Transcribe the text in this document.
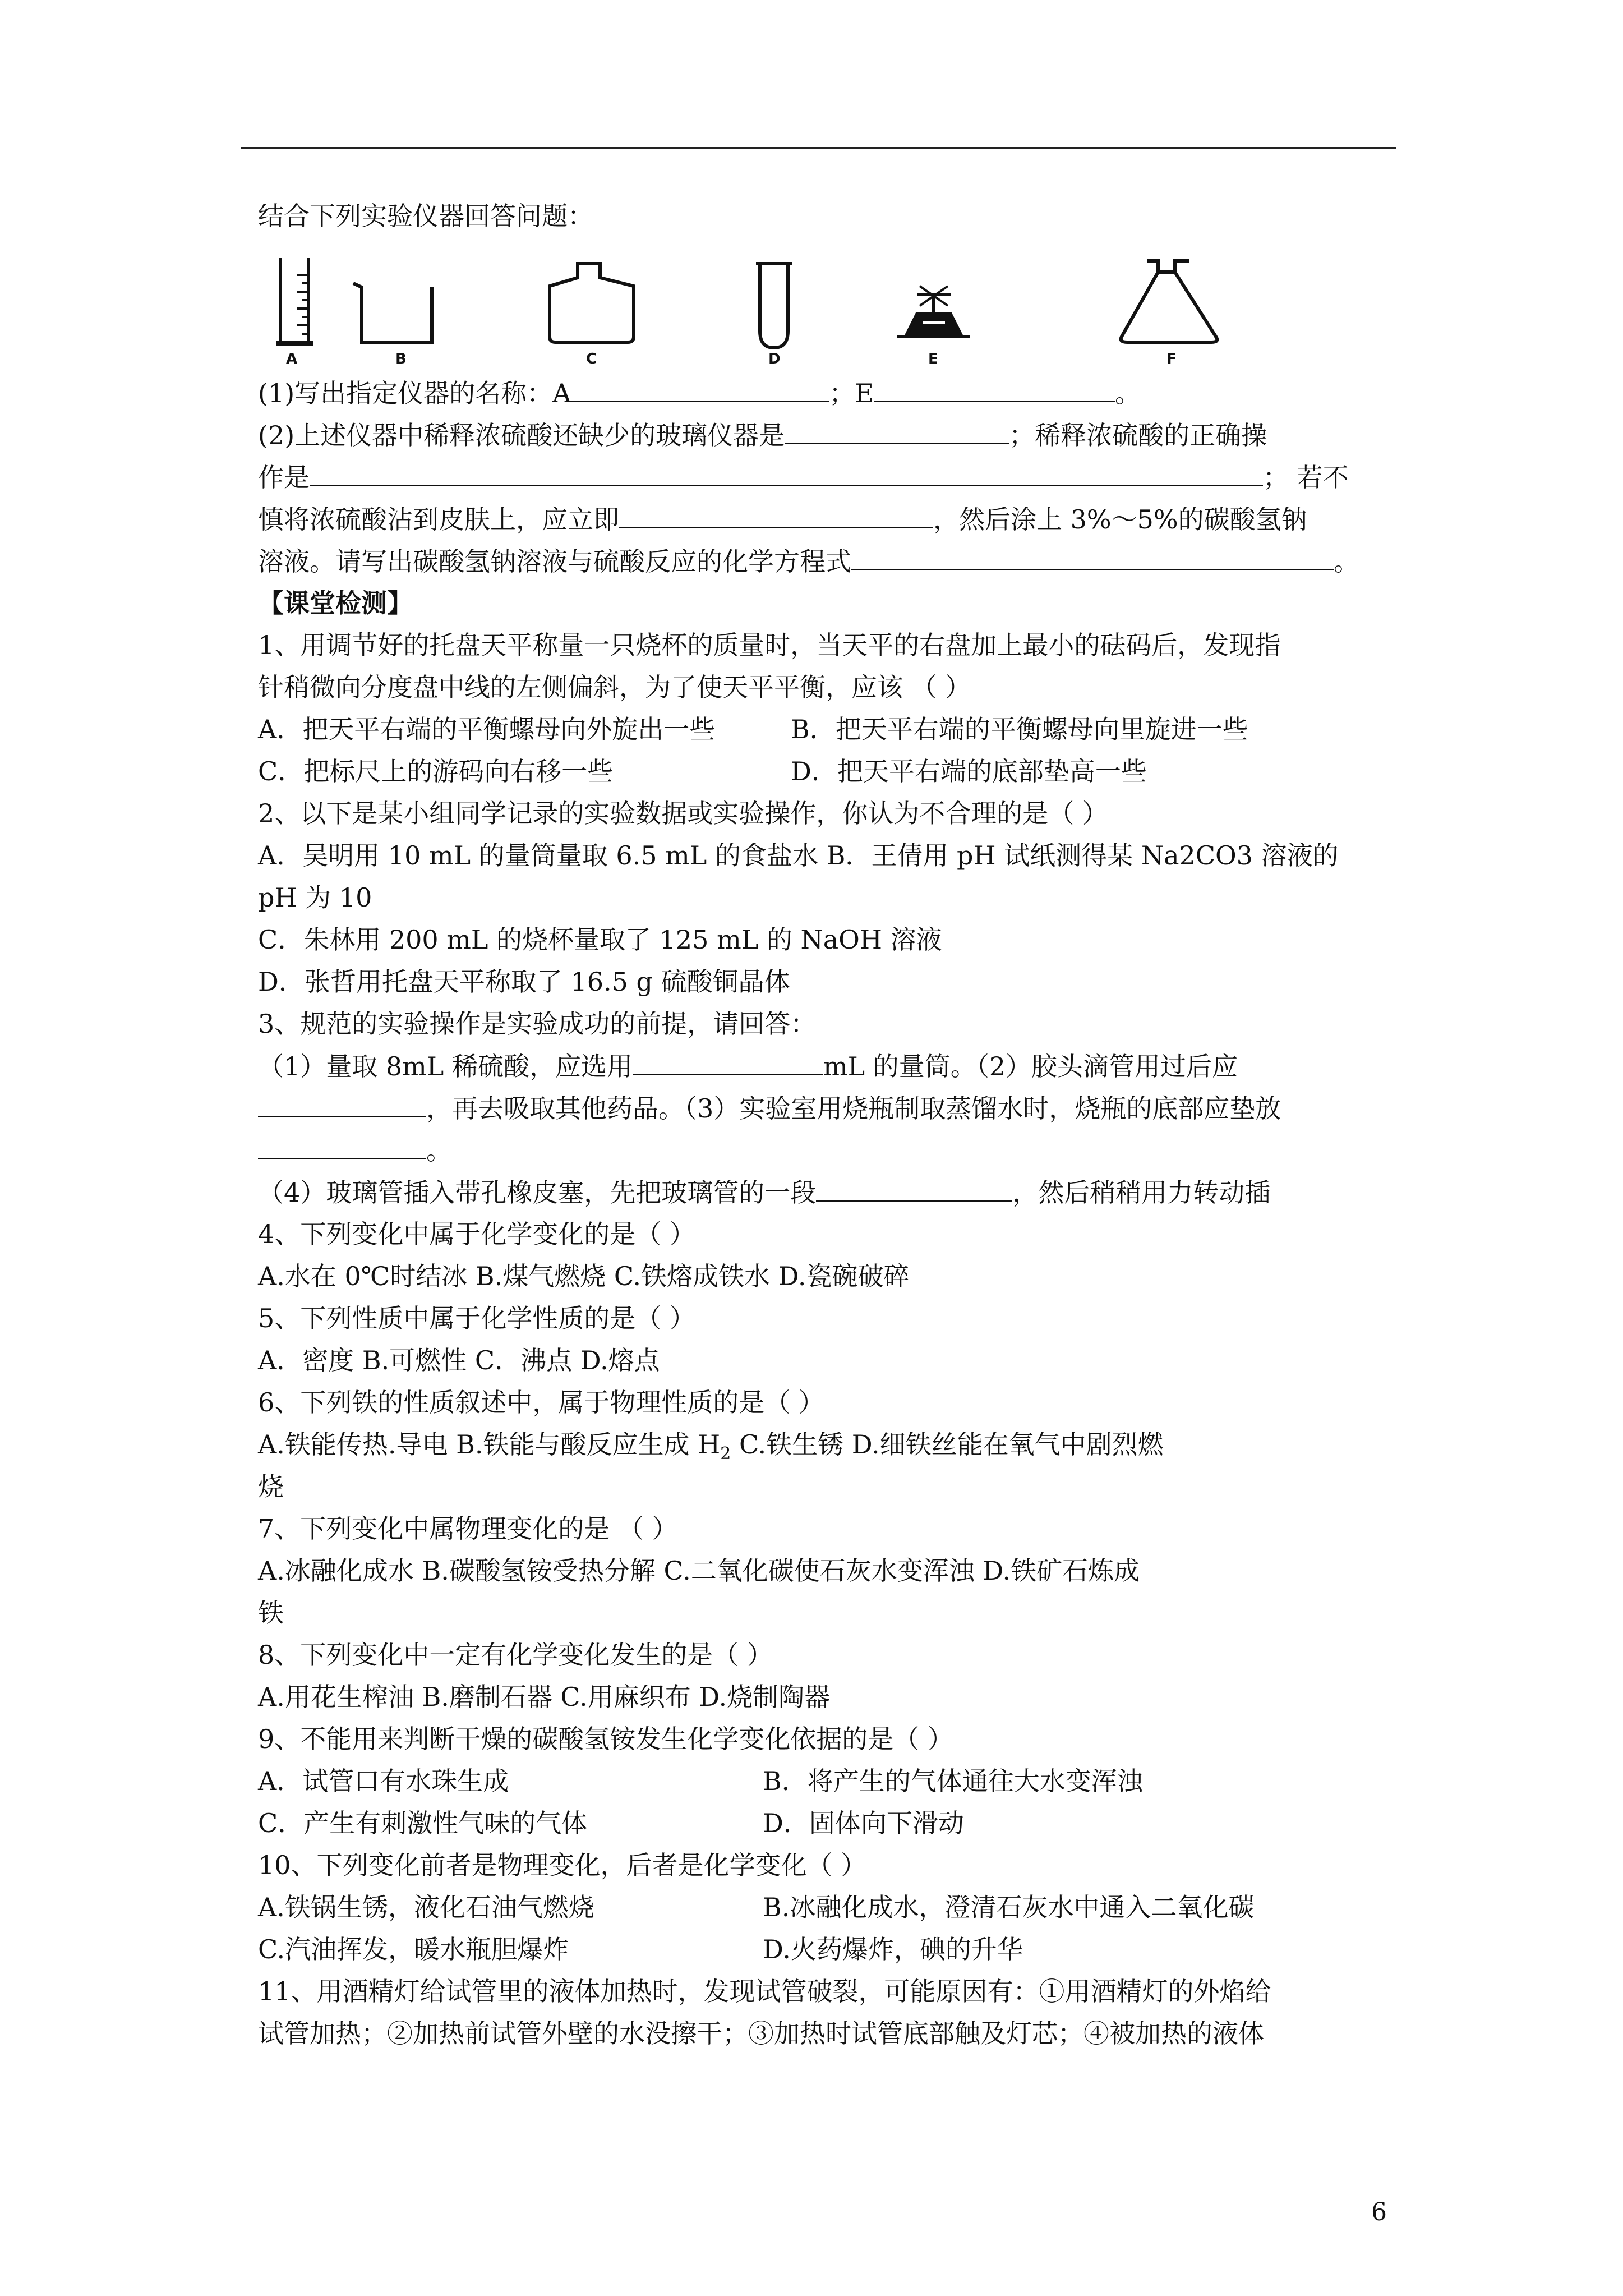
结合下列实验仪器回答问题：
A	B	C	D	E	F
(1)写出指定仪器的名称：A	；E	。
(2)上述仪器中稀释浓硫酸还缺少的玻璃仪器是	；稀释浓硫酸的正确操
作是	； 若不
慎将浓硫酸沾到皮肤上，应立即	，然后涂上 3%～5%的碳酸氢钠
溶液。请写出碳酸氢钠溶液与硫酸反应的化学方程式	。
【课堂检测】
1、用调节好的托盘天平称量一只烧杯的质量时，当天平的右盘加上最小的砝码后，发现指
针稍微向分度盘中线的左侧偏斜，为了使天平平衡，应该 （ ）
A．把天平右端的平衡螺母向外旋出一些	B．把天平右端的平衡螺母向里旋进一些
C．把标尺上的游码向右移一些	D．把天平右端的底部垫高一些
2、以下是某小组同学记录的实验数据或实验操作，你认为不合理的是（ ）
A．吴明用 10 mL 的量筒量取 6.5 mL 的食盐水 B．王倩用 pH 试纸测得某 Na2CO3 溶液的
pH 为 10
C．朱林用 200 mL 的烧杯量取了 125 mL 的 NaOH 溶液
D．张哲用托盘天平称取了 16.5 g 硫酸铜晶体
3、规范的实验操作是实验成功的前提，请回答：
（1）量取 8mL 稀硫酸，应选用	mL 的量筒。（2）胶头滴管用过后应
，再去吸取其他药品。（3）实验室用烧瓶制取蒸馏水时，烧瓶的底部应垫放
。
（4）玻璃管插入带孔橡皮塞，先把玻璃管的一段	，然后稍稍用力转动插
4、下列变化中属于化学变化的是（ ）
A.水在 0℃时结冰 B.煤气燃烧 C.铁熔成铁水 D.瓷碗破碎
5、下列性质中属于化学性质的是（ ）
A．密度 B.可燃性 C．沸点 D.熔点
6、下列铁的性质叙述中，属于物理性质的是（ ）
A.铁能传热.导电 B.铁能与酸反应生成 $H_2$ C.铁生锈 D.细铁丝能在氧气中剧烈燃
烧
7、下列变化中属物理变化的是 （ ）
A.冰融化成水 B.碳酸氢铵受热分解 C.二氧化碳使石灰水变浑浊 D.铁矿石炼成
铁
8、下列变化中一定有化学变化发生的是（ ）
A.用花生榨油 B.磨制石器 C.用麻织布 D.烧制陶器
9、不能用来判断干燥的碳酸氢铵发生化学变化依据的是（ ）
A．试管口有水珠生成	B．将产生的气体通往大水变浑浊
C．产生有刺激性气味的气体	D．固体向下滑动
10、下列变化前者是物理变化，后者是化学变化（ ）
A.铁锅生锈，液化石油气燃烧	B.冰融化成水，澄清石灰水中通入二氧化碳
C.汽油挥发，暖水瓶胆爆炸	D.火药爆炸，碘的升华
11、用酒精灯给试管里的液体加热时，发现试管破裂，可能原因有：①用酒精灯的外焰给
试管加热；②加热前试管外壁的水没擦干；③加热时试管底部触及灯芯；④被加热的液体
6
